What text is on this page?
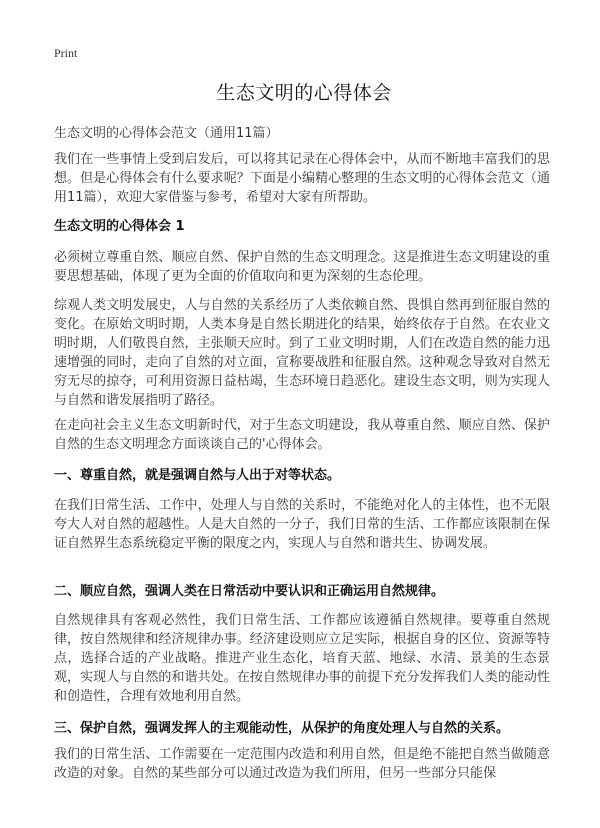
Print
生态文明的心得体会
生态文明的心得体会范文（通用11篇）

我们在一些事情上受到启发后，可以将其记录在心得体会中，从而不断地丰富我们的思想。但是心得体会有什么要求呢？下面是小编精心整理的生态文明的心得体会范文（通用11篇），欢迎大家借鉴与参考，希望对大家有所帮助。

生态文明的心得体会 1

必须树立尊重自然、顺应自然、保护自然的生态文明理念。这是推进生态文明建设的重要思想基础，体现了更为全面的价值取向和更为深刻的生态伦理。

综观人类文明发展史，人与自然的关系经历了人类依赖自然、畏惧自然再到征服自然的变化。在原始文明时期，人类本身是自然长期进化的结果，始终依存于自然。在农业文明时期，人们敬畏自然，主张顺天应时。到了工业文明时期，人们在改造自然的能力迅速增强的同时，走向了自然的对立面，宣称要战胜和征服自然。这种观念导致对自然无穷无尽的掠夺，可利用资源日益枯竭，生态环境日趋恶化。建设生态文明，则为实现人与自然和谐发展指明了路径。

在走向社会主义生态文明新时代，对于生态文明建设，我从尊重自然、顺应自然、保护自然的生态文明理念方面谈谈自己的'心得体会。

一、尊重自然，就是强调自然与人出于对等状态。

在我们日常生活、工作中，处理人与自然的关系时，不能绝对化人的主体性，也不无限夸大人对自然的超越性。人是大自然的一分子，我们日常的生活、工作都应该限制在保证自然界生态系统稳定平衡的限度之内，实现人与自然和谐共生、协调发展。

二、顺应自然，强调人类在日常活动中要认识和正确运用自然规律。

自然规律具有客观必然性，我们日常生活、工作都应该遵循自然规律。要尊重自然规律，按自然规律和经济规律办事。经济建设则应立足实际，根据自身的区位、资源等特点，选择合适的产业战略。推进产业生态化，培育天蓝、地绿、水清、景美的生态景观，实现人与自然的和谐共处。在按自然规律办事的前提下充分发挥我们人类的能动性和创造性，合理有效地利用自然。

三、保护自然，强调发挥人的主观能动性，从保护的角度处理人与自然的关系。

我们的日常生活、工作需要在一定范围内改造和利用自然，但是绝不能把自然当做随意改造的对象。自然的某些部分可以通过改造为我们所用，但另一些部分只能保
